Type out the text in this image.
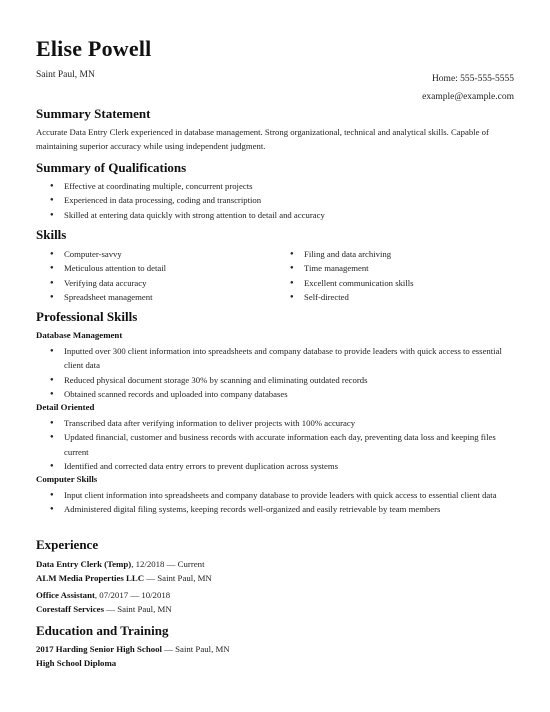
Elise Powell
Saint Paul, MN	Home: 555-555-5555
example@example.com
Summary Statement
Accurate Data Entry Clerk experienced in database management. Strong organizational, technical and analytical skills. Capable of maintaining superior accuracy while using independent judgment.
Summary of Qualifications
● Effective at coordinating multiple, concurrent projects
● Experienced in data processing, coding and transcription
● Skilled at entering data quickly with strong attention to detail and accuracy
Skills
● Computer-savvy
● Meticulous attention to detail
● Verifying data accuracy
● Spreadsheet management
● Filing and data archiving
● Time management
● Excellent communication skills
● Self-directed
Professional Skills
Database Management
● Inputted over 300 client information into spreadsheets and company database to provide leaders with quick access to essential client data
● Reduced physical document storage 30% by scanning and eliminating outdated records
● Obtained scanned records and uploaded into company databases
Detail Oriented
● Transcribed data after verifying information to deliver projects with 100% accuracy
● Updated financial, customer and business records with accurate information each day, preventing data loss and keeping files current
● Identified and corrected data entry errors to prevent duplication across systems
Computer Skills
● Input client information into spreadsheets and company database to provide leaders with quick access to essential client data
● Administered digital filing systems, keeping records well-organized and easily retrievable by team members
Experience
Data Entry Clerk (Temp), 12/2018 — Current
ALM Media Properties LLC — Saint Paul, MN
Office Assistant, 07/2017 — 10/2018
Corestaff Services — Saint Paul, MN
Education and Training
2017 Harding Senior High School — Saint Paul, MN
High School Diploma
